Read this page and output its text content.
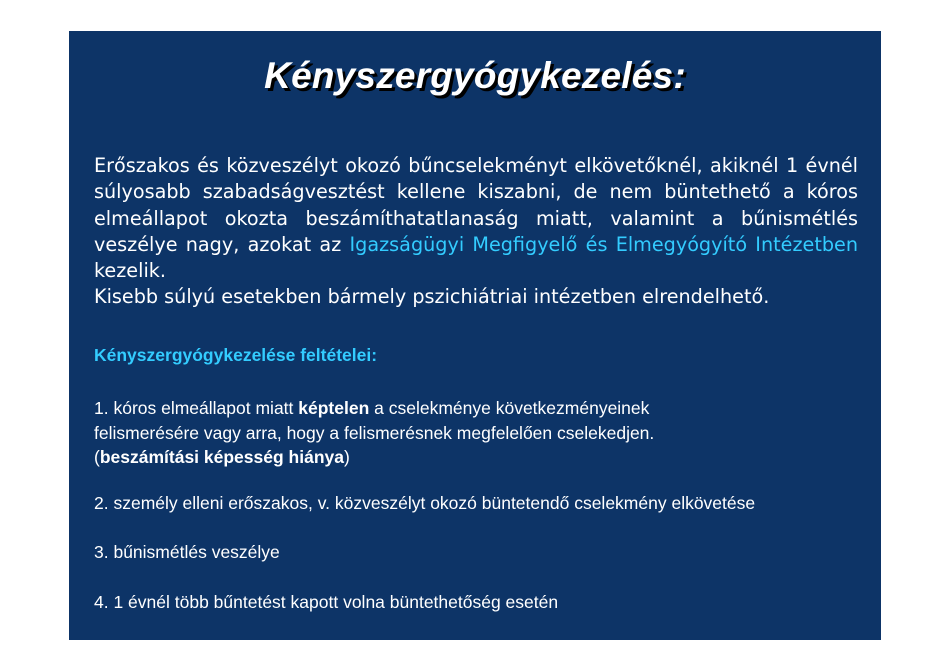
Kényszergyógykezelés:

Erőszakos és közveszélyt okozó bűncselekményt elkövetőknél, akiknél 1 évnél súlyosabb szabadságvesztést kellene kiszabni, de nem büntethető a kóros elmeállapot okozta beszámíthatatlanaság miatt, valamint a bűnismétlés veszélye nagy, azokat az Igazságügyi Megfigyelő és Elmegyógyító Intézetben kezelik.

Kisebb súlyú esetekben bármely pszichiátriai intézetben elrendelhető.

Kényszergyógykezelése feltételei:
1. kóros elmeállapot miatt képtelen a cselekménye következményeinek
felismerésére vagy arra, hogy a felismerésnek megfelelően cselekedjen.
(beszámítási képesség hiánya)
2. személy elleni erőszakos, v. közveszélyt okozó büntetendő cselekmény elkövetése
3. bűnismétlés veszélye
4. 1 évnél több bűntetést kapott volna büntethetőség esetén
